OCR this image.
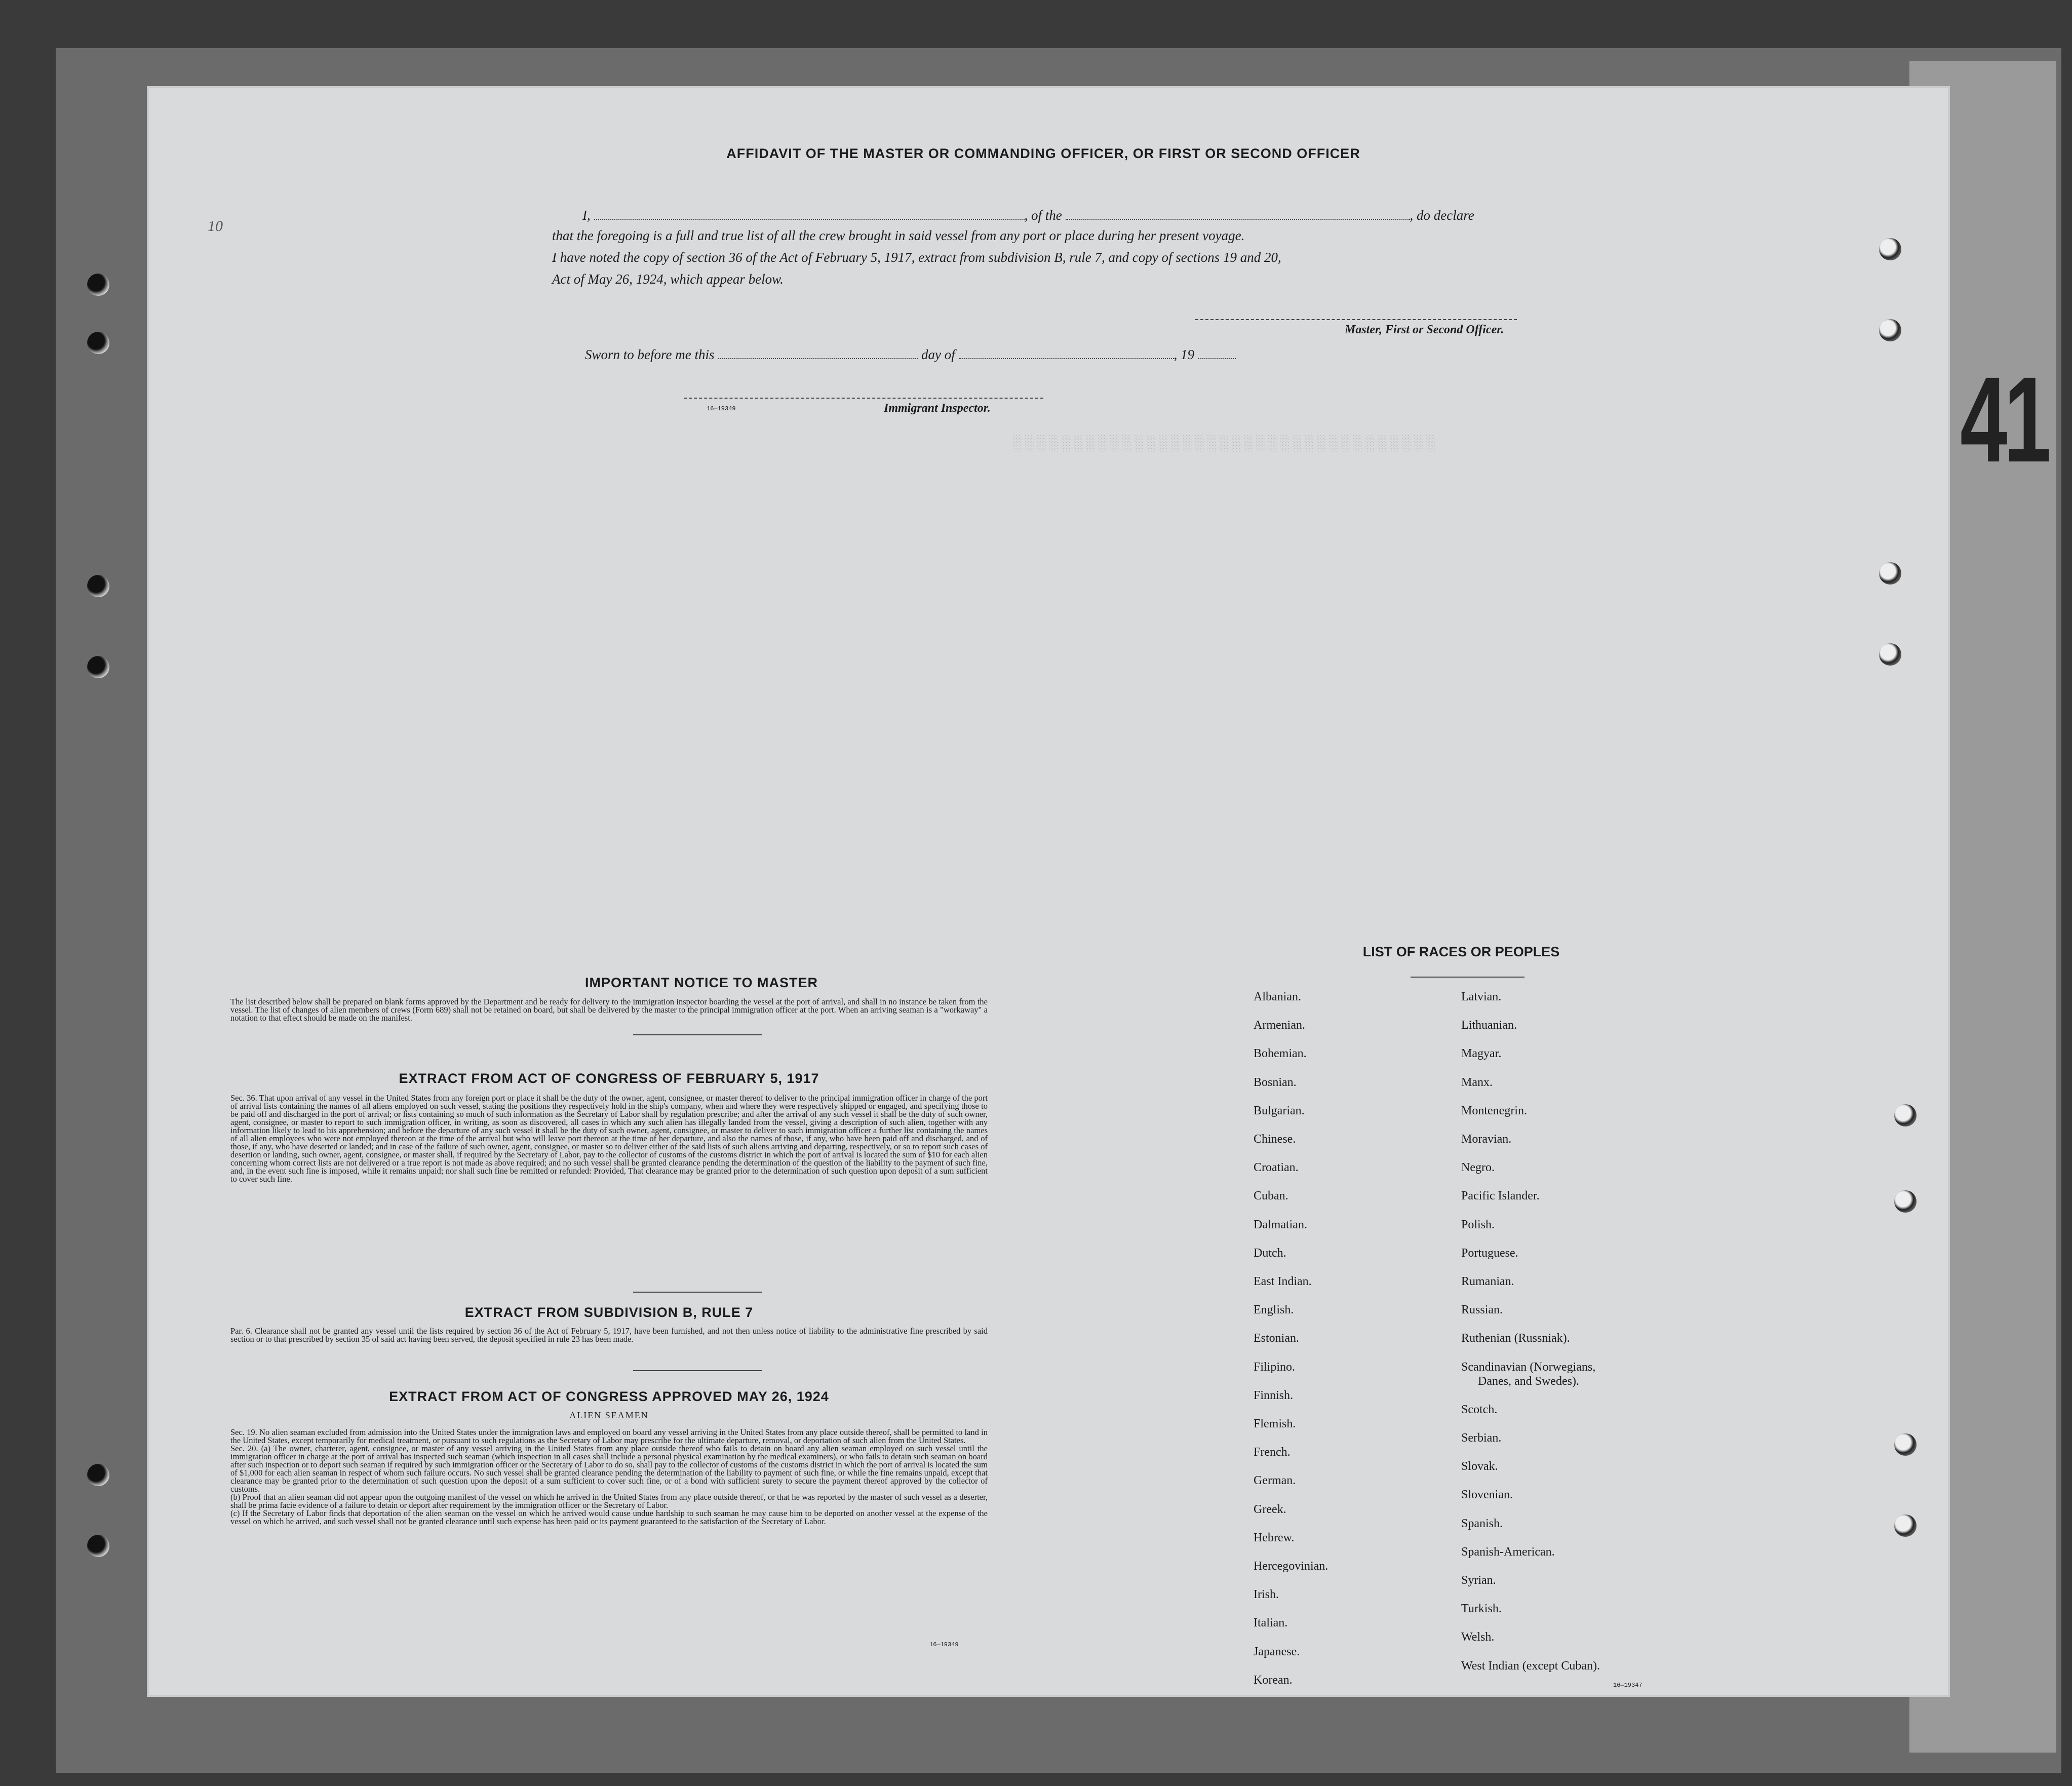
░░░░░░░░░░░░░░░░░░░░░░░░░░░░░░░░░░░	41
10
AFFIDAVIT OF THE MASTER OR COMMANDING OFFICER, OR FIRST OR SECOND OFFICER
I,	, of the	, do declare
that the foregoing is a full and true list of all the crew brought in said vessel from any port or place during her present voyage.
I have noted the copy of section 36 of the Act of February 5, 1917, extract from subdivision B, rule 7, and copy of sections 19 and 20,
Act of May 26, 1924, which appear below.
Master, First or Second Officer.
Sworn to before me this	day of	, 19
16—19349	Immigrant Inspector.
IMPORTANT NOTICE TO MASTER
The list described below shall be prepared on blank forms approved by the Department and be ready for delivery to the immigration inspector boarding the vessel at the port of arrival, and shall in no instance be taken from the vessel. The list of changes of alien members of crews (Form 689) shall not be retained on board, but shall be delivered by the master to the principal immigration officer at the port. When an arriving seaman is a "workaway" a notation to that effect should be made on the manifest.
EXTRACT FROM ACT OF CONGRESS OF FEBRUARY 5, 1917
Sec. 36. That upon arrival of any vessel in the United States from any foreign port or place it shall be the duty of the owner, agent, consignee, or master thereof to deliver to the principal immigration officer in charge of the port of arrival lists containing the names of all aliens employed on such vessel, stating the positions they respectively hold in the ship's company, when and where they were respectively shipped or engaged, and specifying those to be paid off and discharged in the port of arrival; or lists containing so much of such information as the Secretary of Labor shall by regulation prescribe; and after the arrival of any such vessel it shall be the duty of such owner, agent, consignee, or master to report to such immigration officer, in writing, as soon as discovered, all cases in which any such alien has illegally landed from the vessel, giving a description of such alien, together with any information likely to lead to his apprehension; and before the departure of any such vessel it shall be the duty of such owner, agent, consignee, or master to deliver to such immigration officer a further list containing the names of all alien employees who were not employed thereon at the time of the arrival but who will leave port thereon at the time of her departure, and also the names of those, if any, who have been paid off and discharged, and of those, if any, who have deserted or landed; and in case of the failure of such owner, agent, consignee, or master so to deliver either of the said lists of such aliens arriving and departing, respectively, or so to report such cases of desertion or landing, such owner, agent, consignee, or master shall, if required by the Secretary of Labor, pay to the collector of customs of the customs district in which the port of arrival is located the sum of $10 for each alien concerning whom correct lists are not delivered or a true report is not made as above required; and no such vessel shall be granted clearance pending the determination of the question of the liability to the payment of such fine, and, in the event such fine is imposed, while it remains unpaid; nor shall such fine be remitted or refunded: Provided, That clearance may be granted prior to the determination of such question upon deposit of a sum sufficient to cover such fine.
EXTRACT FROM SUBDIVISION B, RULE 7
Par. 6. Clearance shall not be granted any vessel until the lists required by section 36 of the Act of February 5, 1917, have been furnished, and not then unless notice of liability to the administrative fine prescribed by said section or to that prescribed by section 35 of said act having been served, the deposit specified in rule 23 has been made.
EXTRACT FROM ACT OF CONGRESS APPROVED MAY 26, 1924
ALIEN SEAMEN

Sec. 19. No alien seaman excluded from admission into the United States under the immigration laws and employed on board any vessel arriving in the United States from any place outside thereof, shall be permitted to land in the United States, except temporarily for medical treatment, or pursuant to such regulations as the Secretary of Labor may prescribe for the ultimate departure, removal, or deportation of such alien from the United States.

Sec. 20. (a) The owner, charterer, agent, consignee, or master of any vessel arriving in the United States from any place outside thereof who fails to detain on board any alien seaman employed on such vessel until the immigration officer in charge at the port of arrival has inspected such seaman (which inspection in all cases shall include a personal physical examination by the medical examiners), or who fails to detain such seaman on board after such inspection or to deport such seaman if required by such immigration officer or the Secretary of Labor to do so, shall pay to the collector of customs of the customs district in which the port of arrival is located the sum of $1,000 for each alien seaman in respect of whom such failure occurs. No such vessel shall be granted clearance pending the determination of the liability to payment of such fine, or while the fine remains unpaid, except that clearance may be granted prior to the determination of such question upon the deposit of a sum sufficient to cover such fine, or of a bond with sufficient surety to secure the payment thereof approved by the collector of customs.

(b) Proof that an alien seaman did not appear upon the outgoing manifest of the vessel on which he arrived in the United States from any place outside thereof, or that he was reported by the master of such vessel as a deserter, shall be prima facie evidence of a failure to detain or deport after requirement by the immigration officer or the Secretary of Labor.

(c) If the Secretary of Labor finds that deportation of the alien seaman on the vessel on which he arrived would cause undue hardship to such seaman he may cause him to be deported on another vessel at the expense of the vessel on which he arrived, and such vessel shall not be granted clearance until such expense has been paid or its payment guaranteed to the satisfaction of the Secretary of Labor.

16—19349
LIST OF RACES OR PEOPLES
Albanian.
Armenian.
Bohemian.
Bosnian.
Bulgarian.
Chinese.
Croatian.
Cuban.
Dalmatian.
Dutch.
East Indian.
English.
Estonian.
Filipino.
Finnish.
Flemish.
French.
German.
Greek.
Hebrew.
Hercegovinian.
Irish.
Italian.
Japanese.
Korean.
Latvian.
Lithuanian.
Magyar.
Manx.
Montenegrin.
Moravian.
Negro.
Pacific Islander.
Polish.
Portuguese.
Rumanian.
Russian.
Ruthenian (Russniak).
Scandinavian (Norwegians,
Danes, and Swedes).
Scotch.
Serbian.
Slovak.
Slovenian.
Spanish.
Spanish-American.
Syrian.
Turkish.
Welsh.
West Indian (except Cuban).
16—19347
